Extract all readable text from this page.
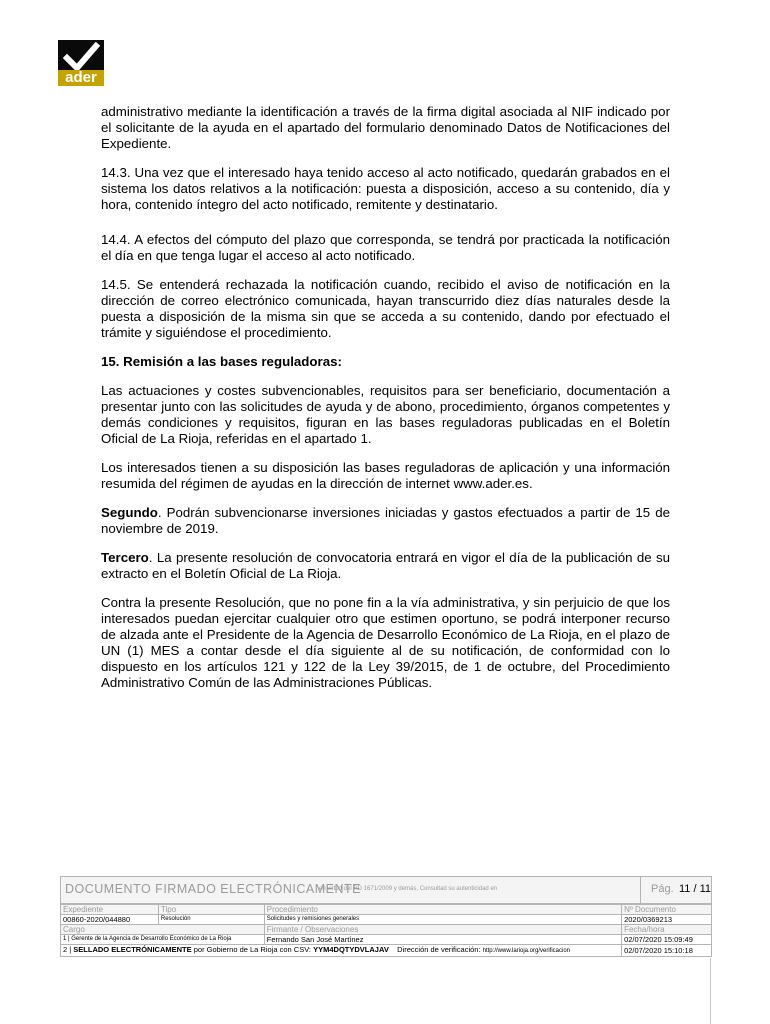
ader

administrativo mediante la identificación a través de la firma digital asociada al NIF indicado por el solicitante de la ayuda en el apartado del formulario denominado Datos de Notificaciones del Expediente.

14.3. Una vez que el interesado haya tenido acceso al acto notificado, quedarán grabados en el sistema los datos relativos a la notificación: puesta a disposición, acceso a su contenido, día y hora, contenido íntegro del acto notificado, remitente y destinatario.

14.4. A efectos del cómputo del plazo que corresponda, se tendrá por practicada la notificación el día en que tenga lugar el acceso al acto notificado.

14.5. Se entenderá rechazada la notificación cuando, recibido el aviso de notificación en la dirección de correo electrónico comunicada, hayan transcurrido diez días naturales desde la puesta a disposición de la misma sin que se acceda a su contenido, dando por efectuado el trámite y siguiéndose el procedimiento.

15. Remisión a las bases reguladoras:

Las actuaciones y costes subvencionables, requisitos para ser beneficiario, documentación a presentar junto con las solicitudes de ayuda y de abono, procedimiento, órganos competentes y demás condiciones y requisitos, figuran en las bases reguladoras publicadas en el Boletín Oficial de La Rioja, referidas en el apartado 1.

Los interesados tienen a su disposición las bases reguladoras de aplicación y una información resumida del régimen de ayudas en la dirección de internet www.ader.es.

Segundo. Podrán subvencionarse inversiones iniciadas y gastos efectuados a partir de 15 de noviembre de 2019.

Tercero. La presente resolución de convocatoria entrará en vigor el día de la publicación de su extracto en el Boletín Oficial de La Rioja.

Contra la presente Resolución, que no pone fin a la vía administrativa, y sin perjuicio de que los interesados puedan ejercitar cualquier otro que estimen oportuno, se podrá interponer recurso de alzada ante el Presidente de la Agencia de Desarrollo Económico de La Rioja, en el plazo de UN (1) MES a contar desde el día siguiente al de su notificación, de conformidad con lo dispuesto en los artículos 121 y 122 de la Ley 39/2015, de 1 de octubre, del Procedimiento Administrativo Común de las Administraciones Públicas.

DOCUMENTO FIRMADO ELECTRÓNICAMENTE
en virtud del RD 1671/2009 y demás, Consultad su autenticidad en	Pág. 11 / 11
Expediente	Tipo	Procedimiento	Nº Documento
00860-2020/044880	Resolución	Solicitudes y remisiones generales	2020/0369213
Cargo		Firmante / Observaciones	Fecha/hora
1 | Gerente de la Agencia de Desarrollo Económico de La Rioja		Fernando San José Martínez	02/07/2020 15:09:49
2 | SELLADO ELECTRÓNICAMENTE por Gobierno de La Rioja con CSV: YYM4DQTYDVLAJAV Dirección de verificación: http://www.larioja.org/verificacion			02/07/2020 15:10:18
